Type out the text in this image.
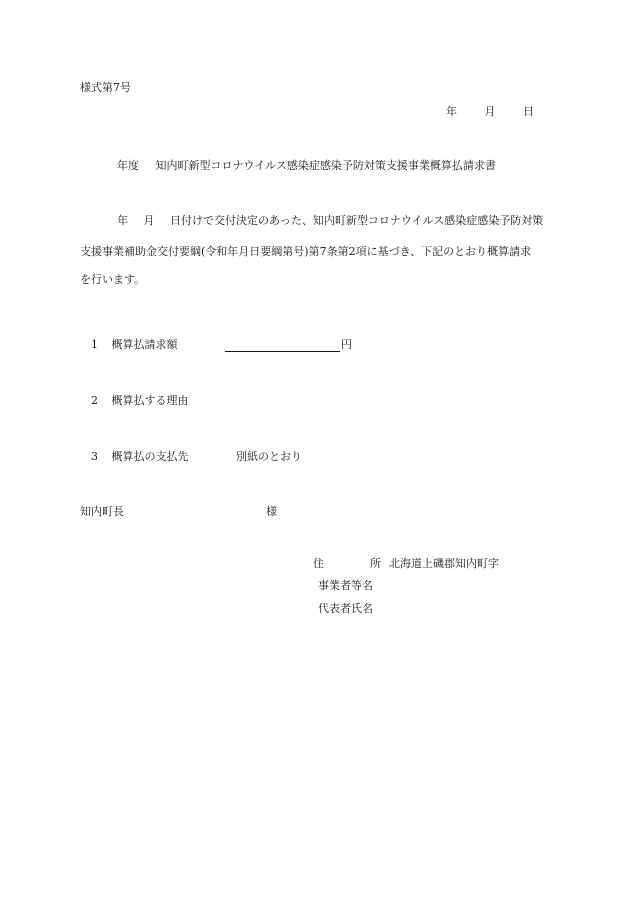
様式第7号
年	月	日
年度 知内町新型コロナウイルス感染症感染予防対策支援事業概算払請求書
年 月 日付けで交付決定のあった、知内町新型コロナウイルス感染症感染予防対策
支援事業補助金交付要綱(令和年月日要綱第号)第7条第2項に基づき、下記のとおり概算請求
を行います。
1 概算払請求額	円
2 概算払する理由
3 概算払の支払先	別紙のとおり
知内町長	様
住	所 北海道上磯郡知内町字
事業者等名
代表者氏名
